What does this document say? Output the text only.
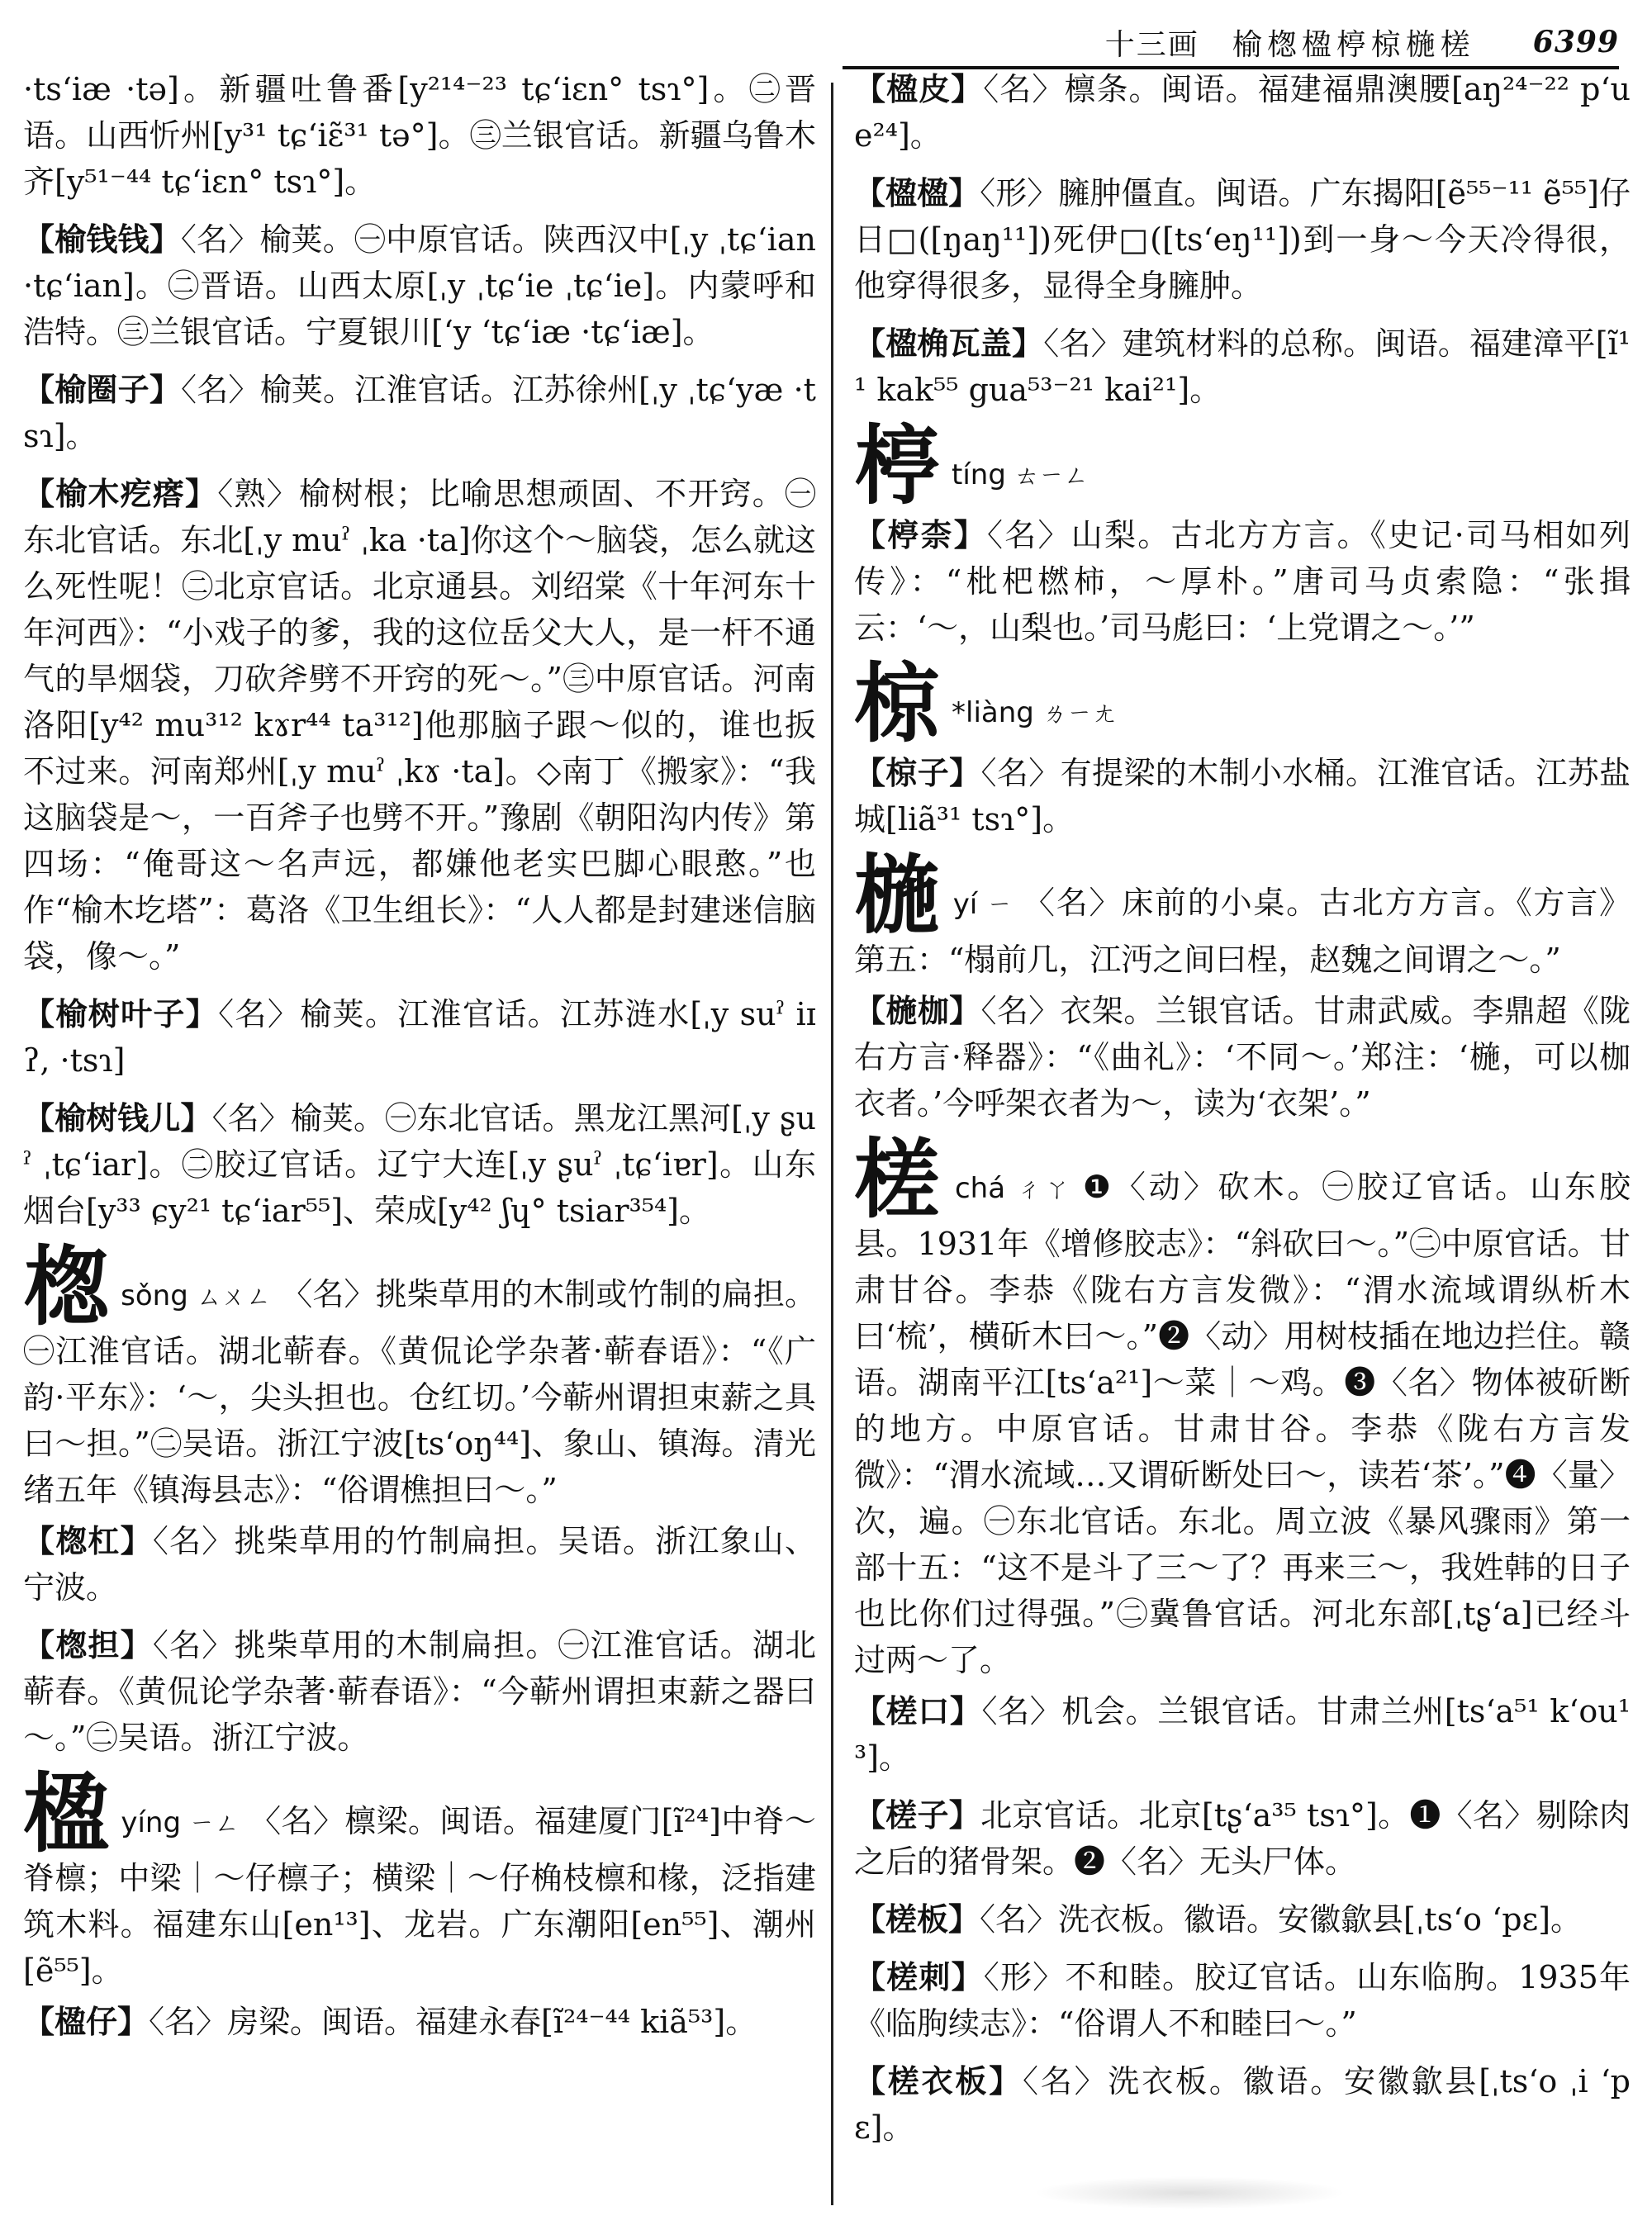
十三画 榆楤楹楟椋椸槎 6399

·tsʻiæ ·tə]。新疆吐鲁番[y²¹⁴⁻²³ tɕʻiɛn° tsɿ°]。㊁晋语。山西忻州[y³¹ tɕʻiɛ̃³¹ tə°]。㊂兰银官话。新疆乌鲁木齐[y⁵¹⁻⁴⁴ tɕʻiɛn° tsɿ°]。

【 榆钱钱 】 〈名〉榆荚。㊀中原官话。陕西汉中[ˌy ˌtɕʻian ·tɕʻian]。㊁晋语。山西太原[ˌy ˌtɕʻie ˌtɕʻie]。内蒙呼和浩特。㊂兰银官话。宁夏银川[ʻy ʻtɕʻiæ ·tɕʻiæ]。

【 榆圈子 】 〈名〉榆荚。江淮官话。江苏徐州[ˌy ˌtɕʻyæ ·tsɿ]。

【 榆木疙瘩 】 〈熟〉榆树根；比喻思想顽固、不开窍。㊀东北官话。东北[ˌy muˀ ˌka ·ta]你这个～脑袋，怎么就这么死性呢！㊁北京官话。北京通县。刘绍棠《十年河东十年河西》：“小戏子的爹，我的这位岳父大人，是一杆不通气的旱烟袋，刀砍斧劈不开窍的死～。”㊂中原官话。河南洛阳[y⁴² mu³¹² kɤr⁴⁴ ta³¹²]他那脑子跟～似的，谁也扳不过来。河南郑州[ˌy muˀ ˌkɤ ·ta]。◇南丁《搬家》：“我这脑袋是～，一百斧子也劈不开。”豫剧《朝阳沟内传》第四场：“俺哥这～名声远，都嫌他老实巴脚心眼憨。”也作“榆木圪塔”：葛洛《卫生组长》：“人人都是封建迷信脑袋，像～。”

【 榆树叶子 】 〈名〉榆荚。江淮官话。江苏涟水[ˌy suˀ iɪʔ, ·tsɿ]

【 榆树钱儿 】 〈名〉榆荚。㊀东北官话。黑龙江黑河[ˌy ʂuˀ ˌtɕʻiar]。㊁胶辽官话。辽宁大连[ˌy ʂuˀ ˌtɕʻiɐr]。山东烟台[y³³ ɕy²¹ tɕʻiar⁵⁵]、荣成[y⁴² ʃɥ° tsiar³⁵⁴]。

楤sǒng ㄙㄨㄥ 〈名〉挑柴草用的木制或竹制的扁担。㊀江淮官话。湖北蕲春。《黄侃论学杂著·蕲春语》：“《广韵·平东》：‘～，尖头担也。仓红切。’今蕲州谓担束薪之具曰～担。”㊁吴语。浙江宁波[tsʻoŋ⁴⁴]、象山、镇海。清光绪五年《镇海县志》：“俗谓樵担曰～。”

【 楤杠 】 〈名〉挑柴草用的竹制扁担。吴语。浙江象山、宁波。

【 楤担 】 〈名〉挑柴草用的木制扁担。㊀江淮官话。湖北蕲春。《黄侃论学杂著·蕲春语》：“今蕲州谓担束薪之器曰～。”㊁吴语。浙江宁波。

楹yíng ㄧㄥ 〈名〉檩梁。闽语。福建厦门[ĩ²⁴]中脊～脊檩；中梁｜～仔檩子；横梁｜～仔桷枝檩和椽，泛指建筑木料。福建东山[en¹³]、龙岩。广东潮阳[en⁵⁵]、潮州[ẽ⁵⁵]。

【 楹仔 】 〈名〉房梁。闽语。福建永春[ĩ²⁴⁻⁴⁴ kiã⁵³]。

【 楹皮 】 〈名〉檩条。闽语。福建福鼎澳腰[aŋ²⁴⁻²² pʻue²⁴]。

【 楹楹 】 〈形〉臃肿僵直。闽语。广东揭阳[ẽ⁵⁵⁻¹¹ ẽ⁵⁵]仔日□([ŋaŋ¹¹])死伊□([tsʻeŋ¹¹])到一身～今天冷得很，他穿得很多，显得全身臃肿。

【 楹桷瓦盖 】 〈名〉建筑材料的总称。闽语。福建漳平[ĩ¹¹ kak⁵⁵ gua⁵³⁻²¹ kai²¹]。

楟tíng ㄊㄧㄥ

【 楟柰 】 〈名〉山梨。古北方方言。《史记·司马相如列传》：“枇杷橪柿，～厚朴。”唐司马贞索隐：“张揖云：‘～，山梨也。’司马彪曰：‘上党谓之～。’”

椋 *liàng ㄌㄧㄤ

【 椋子 】 〈名〉有提梁的木制小水桶。江淮官话。江苏盐城[liã³¹ tsɿ°]。

椸yí ㄧ 〈名〉床前的小桌。古北方方言。《方言》第五：“榻前几，江沔之间曰桯，赵魏之间谓之～。”

【 椸枷 】 〈名〉衣架。兰银官话。甘肃武威。李鼎超《陇右方言·释器》：“《曲礼》：‘不同～。’郑注：‘椸，可以枷衣者。’今呼架衣者为～，读为‘衣架’。”

槎chá ㄔㄚ ❶〈动〉砍木。㊀胶辽官话。山东胶县。1931年《增修胶志》：“斜砍曰～。”㊁中原官话。甘肃甘谷。李恭《陇右方言发微》：“渭水流域谓纵析木曰‘梳’，横斫木曰～。”❷〈动〉用树枝插在地边拦住。赣语。湖南平江[tsʻa²¹]～菜｜～鸡。❸〈名〉物体被斫断的地方。中原官话。甘肃甘谷。李恭《陇右方言发微》：“渭水流域…又谓斫断处曰～，读若‘茶’。”❹〈量〉次，遍。㊀东北官话。东北。周立波《暴风骤雨》第一部十五：“这不是斗了三～了？再来三～，我姓韩的日子也比你们过得强。”㊁冀鲁官话。河北东部[ˌtʂʻa]已经斗过两～了。

【 槎口 】 〈名〉机会。兰银官话。甘肃兰州[tsʻa⁵¹ kʻou¹³]。

【 槎子 】 北京官话。北京[tʂʻa³⁵ tsɿ°]。❶〈名〉剔除肉之后的猪骨架。❷〈名〉无头尸体。

【 槎板 】 〈名〉洗衣板。徽语。安徽歙县[ˌtsʻo ʻpɛ]。

【 槎刺 】 〈形〉不和睦。胶辽官话。山东临朐。1935年《临朐续志》：“俗谓人不和睦曰～。”

【 槎衣板 】 〈名〉洗衣板。徽语。安徽歙县[ˌtsʻo ˌi ʻpɛ]。
